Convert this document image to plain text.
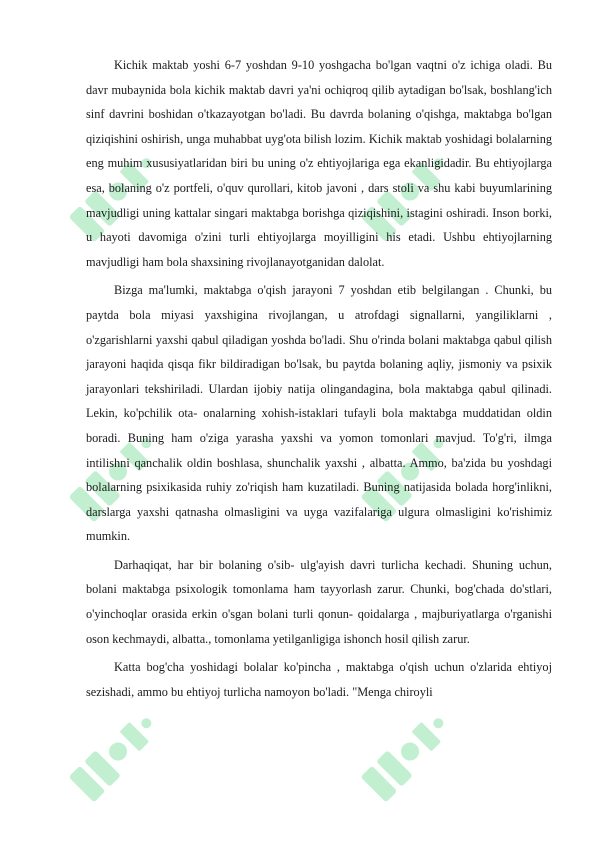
Kichik maktab yoshi 6-7 yoshdan 9-10 yoshgacha bo'lgan vaqtni o'z ichiga oladi. Bu davr mubaynida bola kichik maktab davri ya'ni ochiqroq qilib aytadigan bo'lsak, boshlang'ich sinf davrini boshidan o'tkazayotgan bo'ladi. Bu davrda bolaning o'qishga, maktabga bo'lgan qiziqishini oshirish, unga muhabbat uyg'ota bilish lozim. Kichik maktab yoshidagi bolalarning eng muhim xususiyatlaridan biri bu uning o'z ehtiyojlariga ega ekanligidadir. Bu ehtiyojlarga esa, bolaning o'z portfeli, o'quv qurollari, kitob javoni , dars stoli va shu kabi buyumlarining mavjudligi uning kattalar singari maktabga borishga qiziqishini, istagini oshiradi. Inson borki, u hayoti davomiga o'zini turli ehtiyojlarga moyilligini his etadi. Ushbu ehtiyojlarning mavjudligi ham bola shaxsining rivojlanayotganidan dalolat.

Bizga ma'lumki, maktabga o'qish jarayoni 7 yoshdan etib belgilangan . Chunki, bu paytda bola miyasi yaxshigina rivojlangan, u atrofdagi signallarni, yangiliklarni , o'zgarishlarni yaxshi qabul qiladigan yoshda bo'ladi. Shu o'rinda bolani maktabga qabul qilish jarayoni haqida qisqa fikr bildiradigan bo'lsak, bu paytda bolaning aqliy, jismoniy va psixik jarayonlari tekshiriladi. Ulardan ijobiy natija olingandagina, bola maktabga qabul qilinadi. Lekin, ko'pchilik ota- onalarning xohish-istaklari tufayli bola maktabga muddatidan oldin boradi. Buning ham o'ziga yarasha yaxshi va yomon tomonlari mavjud. To'g'ri, ilmga intilishni qanchalik oldin boshlasa, shunchalik yaxshi , albatta. Ammo, ba'zida bu yoshdagi bolalarning psixikasida ruhiy zo'riqish ham kuzatiladi. Buning natijasida bolada horg'inlikni, darslarga yaxshi qatnasha olmasligini va uyga vazifalariga ulgura olmasligini ko'rishimiz mumkin.

Darhaqiqat, har bir bolaning o'sib- ulg'ayish davri turlicha kechadi. Shuning uchun, bolani maktabga psixologik tomonlama ham tayyorlash zarur. Chunki, bog'chada do'stlari, o'yinchoqlar orasida erkin o'sgan bolani turli qonun- qoidalarga , majburiyatlarga o'rganishi oson kechmaydi, albatta., tomonlama yetilganligiga ishonch hosil qilish zarur.

Katta bog'cha yoshidagi bolalar ko'pincha , maktabga o'qish uchun o'zlarida ehtiyoj sezishadi, ammo bu ehtiyoj turlicha namoyon bo'ladi. "Menga chiroyli
